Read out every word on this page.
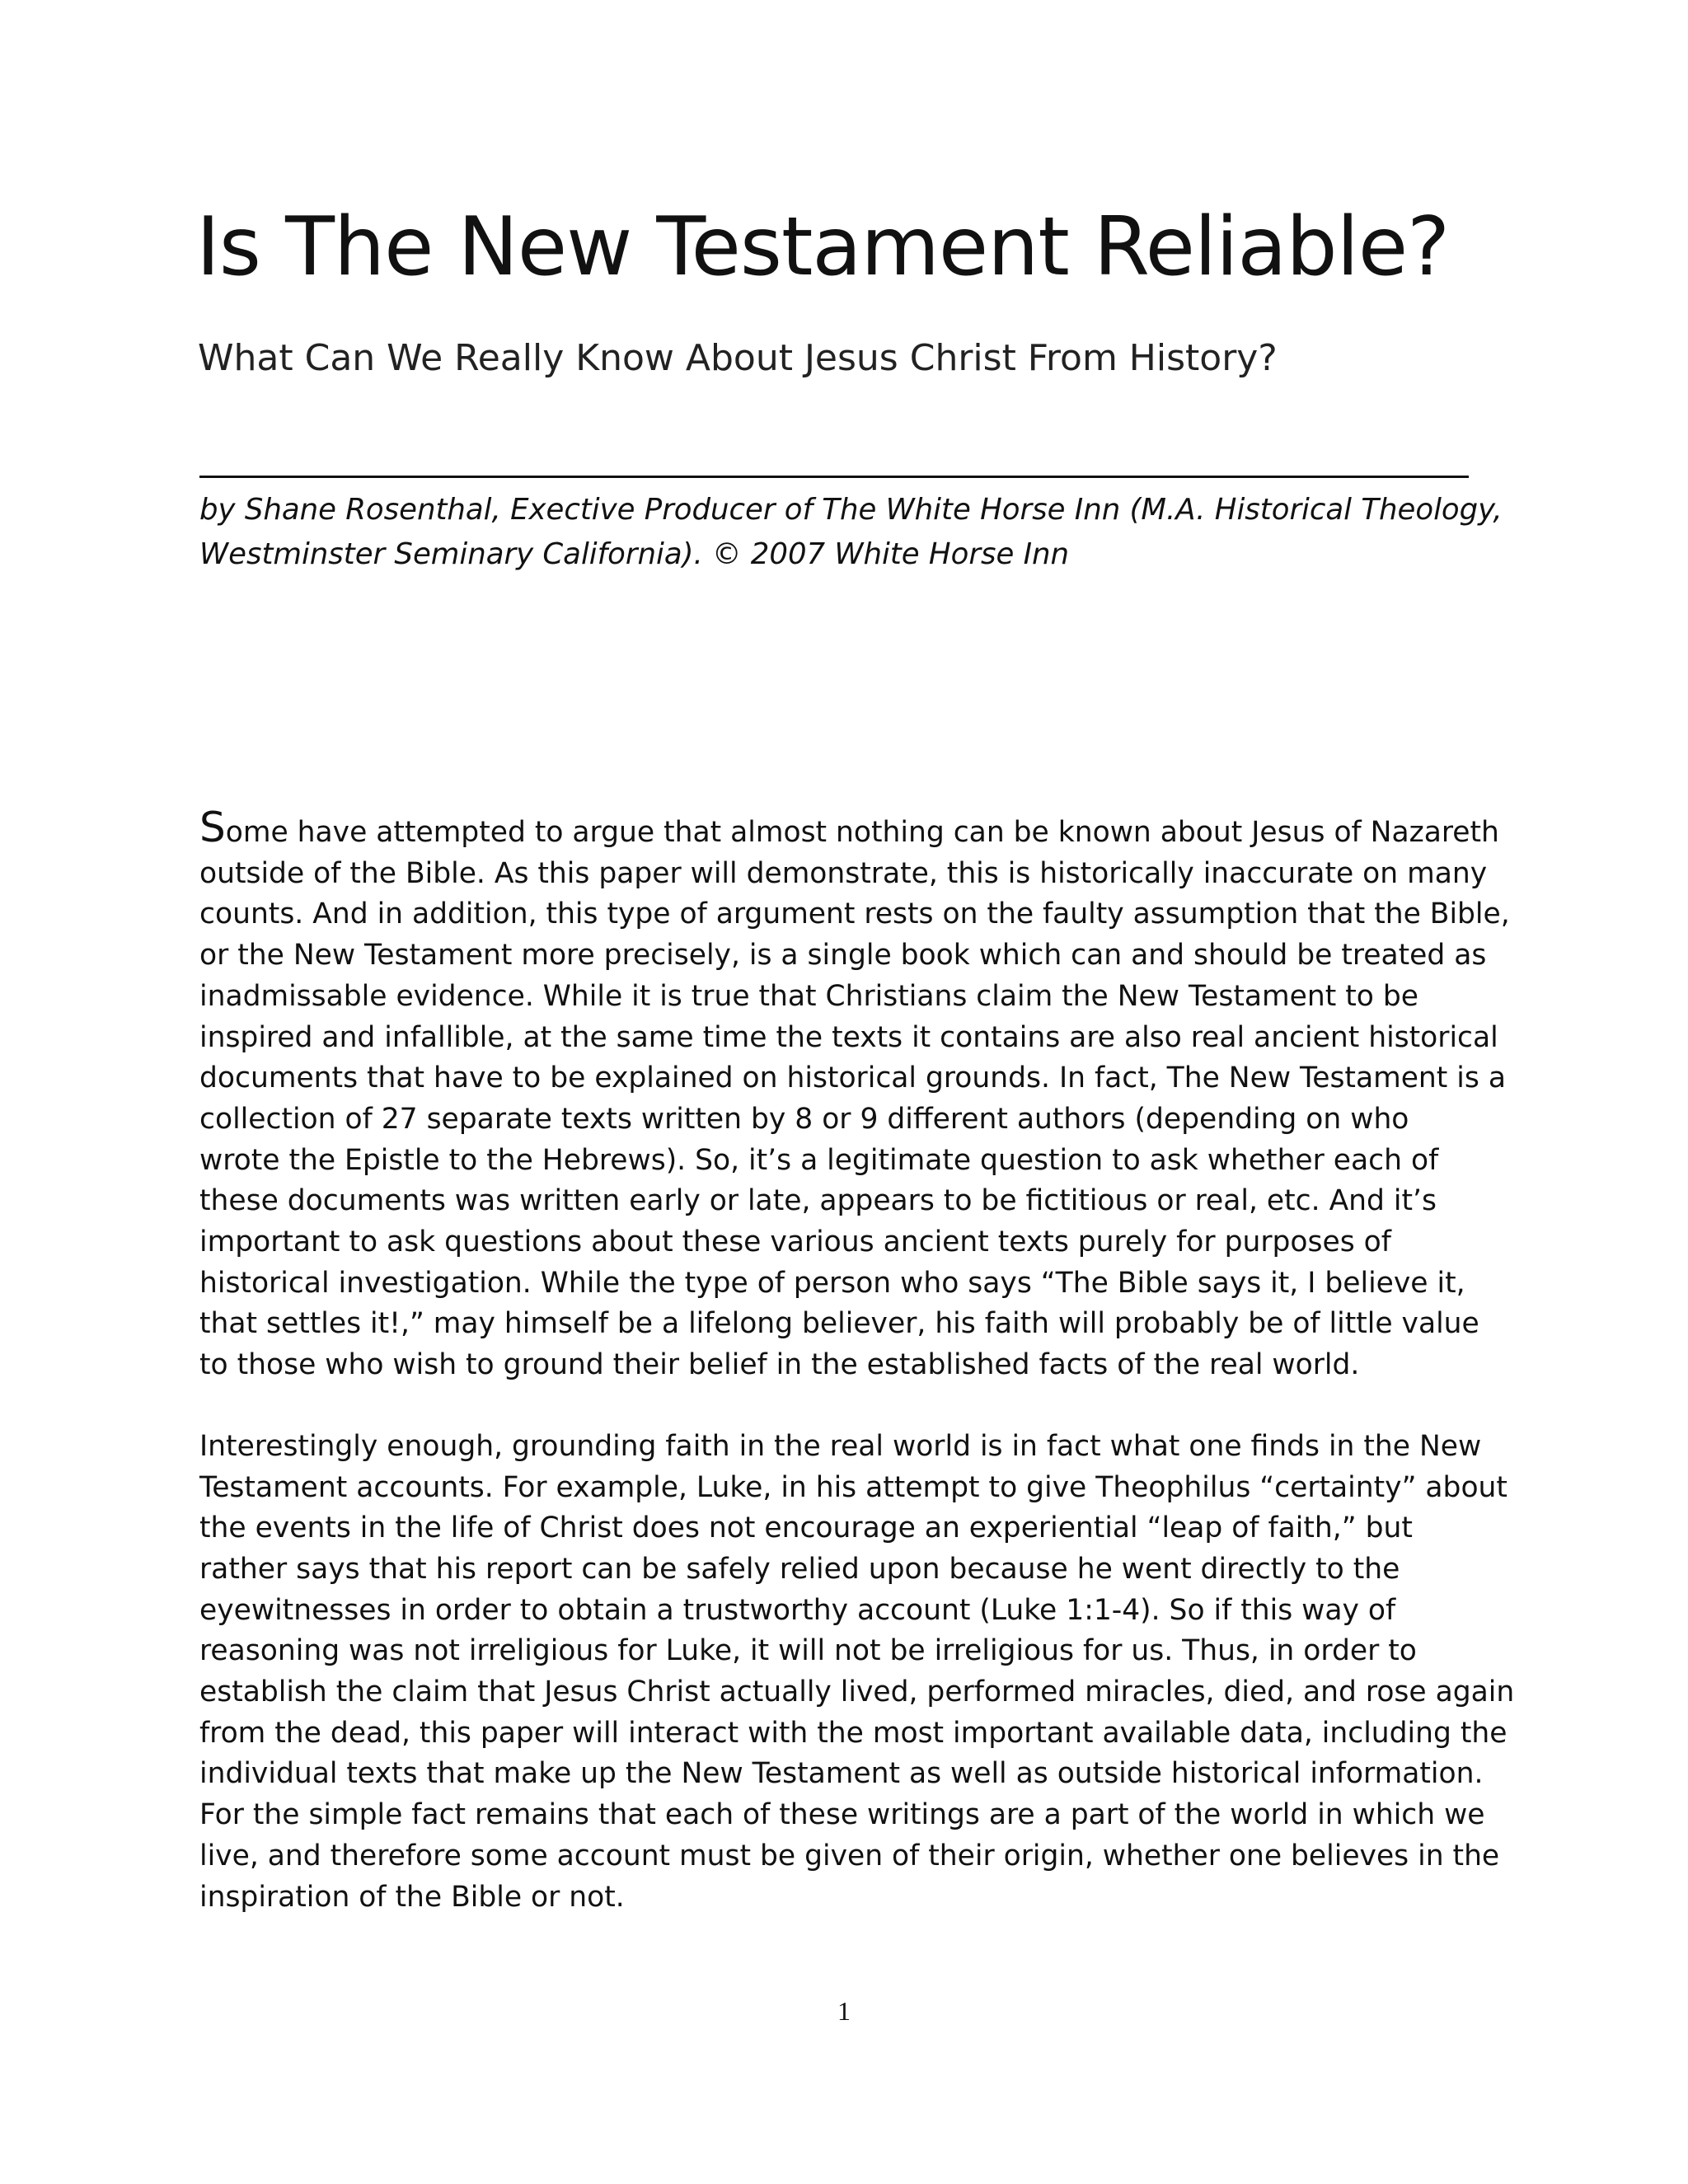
Is The New Testament Reliable?
What Can We Really Know About Jesus Christ From History?

by Shane Rosenthal, Exective Producer of The White Horse Inn (M.A. Historical Theology,
Westminster Seminary California). © 2007 White Horse Inn

Some have attempted to argue that almost nothing can be known about Jesus of Nazareth
outside of the Bible. As this paper will demonstrate, this is historically inaccurate on many
counts. And in addition, this type of argument rests on the faulty assumption that the Bible,
or the New Testament more precisely, is a single book which can and should be treated as
inadmissable evidence. While it is true that Christians claim the New Testament to be
inspired and infallible, at the same time the texts it contains are also real ancient historical
documents that have to be explained on historical grounds. In fact, The New Testament is a
collection of 27 separate texts written by 8 or 9 different authors (depending on who
wrote the Epistle to the Hebrews). So, it’s a legitimate question to ask whether each of
these documents was written early or late, appears to be fictitious or real, etc. And it’s
important to ask questions about these various ancient texts purely for purposes of
historical investigation. While the type of person who says “The Bible says it, I believe it,
that settles it!,” may himself be a lifelong believer, his faith will probably be of little value
to those who wish to ground their belief in the established facts of the real world.

Interestingly enough, grounding faith in the real world is in fact what one finds in the New
Testament accounts. For example, Luke, in his attempt to give Theophilus “certainty” about
the events in the life of Christ does not encourage an experiential “leap of faith,” but
rather says that his report can be safely relied upon because he went directly to the
eyewitnesses in order to obtain a trustworthy account (Luke 1:1-4). So if this way of
reasoning was not irreligious for Luke, it will not be irreligious for us. Thus, in order to
establish the claim that Jesus Christ actually lived, performed miracles, died, and rose again
from the dead, this paper will interact with the most important available data, including the
individual texts that make up the New Testament as well as outside historical information.
For the simple fact remains that each of these writings are a part of the world in which we
live, and therefore some account must be given of their origin, whether one believes in the
inspiration of the Bible or not.

1
